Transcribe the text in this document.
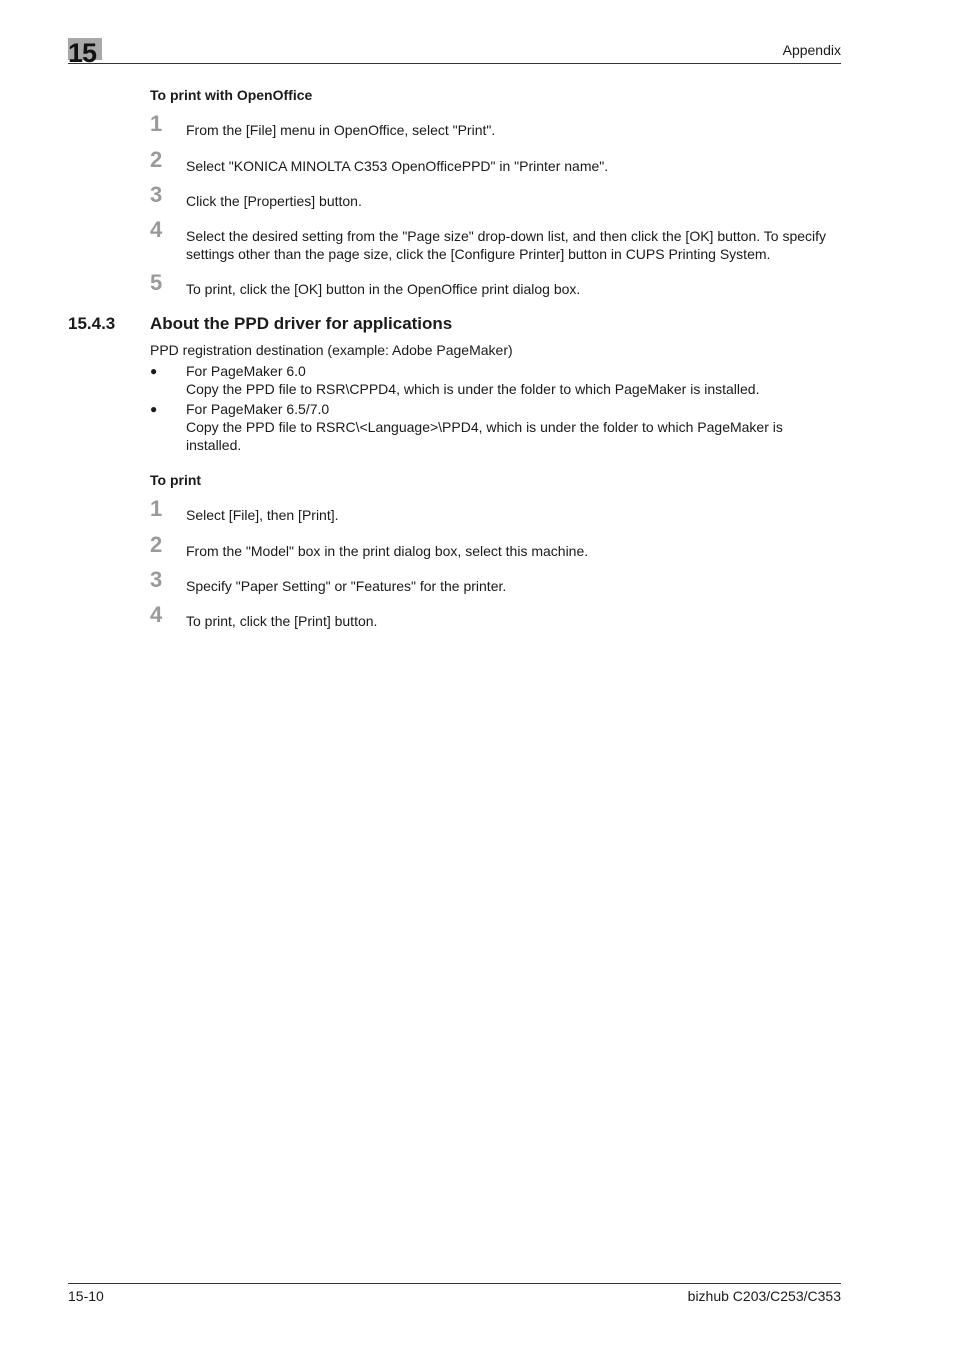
15	Appendix
To print with OpenOffice
1 From the [File] menu in OpenOffice, select "Print".
2 Select "KONICA MINOLTA C353 OpenOfficePPD" in "Printer name".
3 Click the [Properties] button.
4 Select the desired setting from the "Page size" drop-down list, and then click the [OK] button. To specify settings other than the page size, click the [Configure Printer] button in CUPS Printing System.
5 To print, click the [OK] button in the OpenOffice print dialog box.
15.4.3 About the PPD driver for applications
PPD registration destination (example: Adobe PageMaker)
● For PageMaker 6.0
Copy the PPD file to RSR\CPPD4, which is under the folder to which PageMaker is installed.
● For PageMaker 6.5/7.0
Copy the PPD file to RSRC\<Language>\PPD4, which is under the folder to which PageMaker is installed.
To print
1 Select [File], then [Print].
2 From the "Model" box in the print dialog box, select this machine.
3 Specify "Paper Setting" or "Features" for the printer.
4 To print, click the [Print] button.
15-10	bizhub C203/C253/C353
